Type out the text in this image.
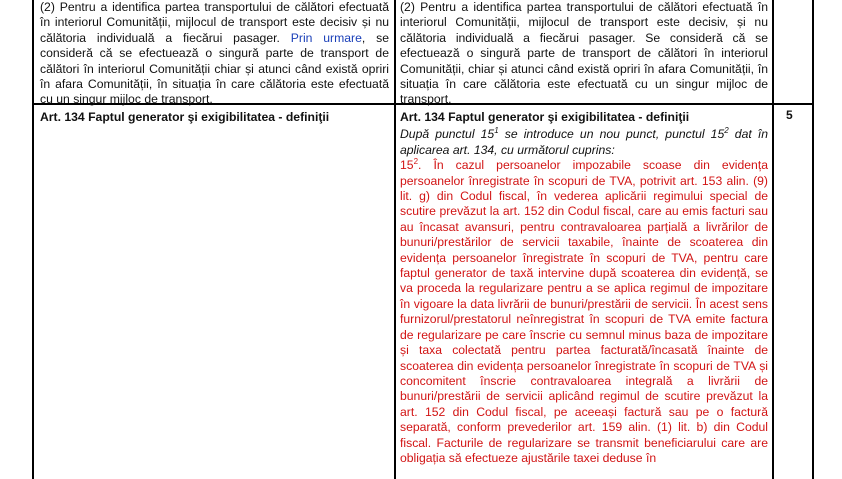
(2) Pentru a identifica partea transportului de călători efectuată în interiorul Comunității, mijlocul de transport este decisiv și nu călătoria individuală a fiecărui pasager. Prin urmare, se consideră că se efectuează o singură parte de transport de călători în interiorul Comunității chiar și atunci când există opriri în afara Comunității, în situația în care călătoria este efectuată cu un singur mijloc de transport.

(2) Pentru a identifica partea transportului de călători efectuată în interiorul Comunității, mijlocul de transport este decisiv, și nu călătoria individuală a fiecărui pasager. Se consideră că se efectuează o singură parte de transport de călători în interiorul Comunității, chiar și atunci când există opriri în afara Comunității, în situația în care călătoria este efectuată cu un singur mijloc de transport.

Art. 134 Faptul generator şi exigibilitatea - definiţii	Art. 134 Faptul generator şi exigibilitatea - definiţii

După punctul $15^1$ se introduce un nou punct, punctul $15^2$ dat în aplicarea art. 134, cu următorul cuprins:

$15^2$. În cazul persoanelor impozabile scoase din evidența persoanelor înregistrate în scopuri de TVA, potrivit art. 153 alin. (9) lit. g) din Codul fiscal, în vederea aplicării regimului special de scutire prevăzut la art. 152 din Codul fiscal, care au emis facturi sau au încasat avansuri, pentru contravaloarea parțială a livrărilor de bunuri/prestărilor de servicii taxabile, înainte de scoaterea din evidența persoanelor înregistrate în scopuri de TVA, pentru care faptul generator de taxă intervine după scoaterea din evidență, se va proceda la regularizare pentru a se aplica regimul de impozitare în vigoare la data livrării de bunuri/prestării de servicii. În acest sens furnizorul/prestatorul neînregistrat în scopuri de TVA emite factura de regularizare pe care înscrie cu semnul minus baza de impozitare și taxa colectată pentru partea facturată/încasată înainte de scoaterea din evidența persoanelor înregistrate în scopuri de TVA și concomitent înscrie contravaloarea integrală a livrării de bunuri/prestării de servicii aplicând regimul de scutire prevăzut la art. 152 din Codul fiscal, pe aceeași factură sau pe o factură separată, conform prevederilor art. 159 alin. (1) lit. b) din Codul fiscal. Facturile de regularizare se transmit beneficiarului care are obligația să efectueze ajustările taxei deduse în

5
